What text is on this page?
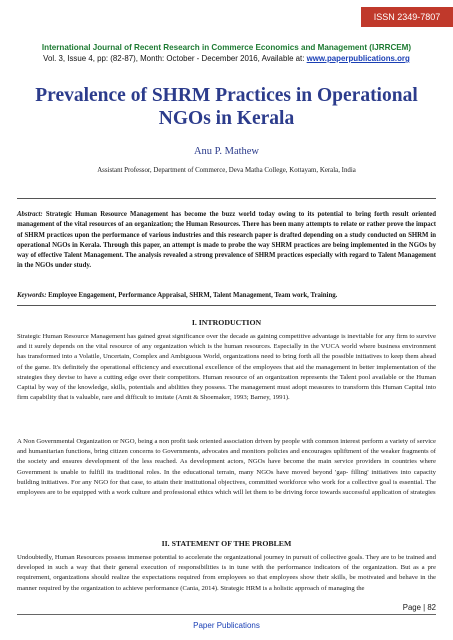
ISSN 2349-7807
International Journal of Recent Research in Commerce Economics and Management (IJRRCEM)
Vol. 3, Issue 4, pp: (82-87), Month: October - December 2016, Available at: www.paperpublications.org
Prevalence of SHRM Practices in Operational NGOs in Kerala
Anu P. Mathew
Assistant Professor, Department of Commerce, Deva Matha College, Kottayam, Kerala, India
Abstract: Strategic Human Resource Management has become the buzz world today owing to its potential to bring forth result oriented management of the vital resources of an organization; the Human Resources. There has been many attempts to relate or rather prove the impact of SHRM practices upon the performance of various industries and this research paper is drafted depending on a study conducted on SHRM in operational NGOs in Kerala. Through this paper, an attempt is made to probe the way SHRM practices are being implemented in the NGOs by way of effective Talent Management. The analysis revealed a strong prevalence of SHRM practices especially with regard to Talent Management in the NGOs under study.
Keywords: Employee Engagement, Performance Appraisal, SHRM, Talent Management, Team work, Training.
I. INTRODUCTION
Strategic Human Resource Management has gained great significance over the decade as gaining competitive advantage is inevitable for any firm to survive and it surely depends on the vital resource of any organization which is the human resources. Especially in the VUCA world where business environment has transformed into a Volatile, Uncertain, Complex and Ambiguous World, organizations need to bring forth all the possible initiatives to keep them ahead of the game. It's definitely the operational efficiency and executional excellence of the employees that aid the management in better implementation of the strategies they devise to have a cutting edge over their competitors. Human resource of an organization represents the Talent pool available or the Human Capital by way of the knowledge, skills, potentials and abilities they possess. The management must adopt measures to transform this Human Capital into firm capability that is valuable, rare and difficult to imitate (Amit & Shoemaker, 1993; Barney, 1991).
A Non Governmental Organization or NGO, being a non profit task oriented association driven by people with common interest perform a variety of service and humanitarian functions, bring citizen concerns to Governments, advocates and monitors policies and encourages upliftment of the weaker fragments of the society and ensures development of the less reached. As development actors, NGOs have become the main service providers in countries where Government is unable to fulfill its traditional roles. In the educational terrain, many NGOs have moved beyond 'gap- filling' initiatives into capacity building initiatives. For any NGO for that case, to attain their institutional objectives, committed workforce who work for a collective goal is essential. The employees are to be equipped with a work culture and professional ethics which will let them to be driving force towards successful application of strategies
II. STATEMENT OF THE PROBLEM
Undoubtedly, Human Resources possess immense potential to accelerate the organizational journey in pursuit of collective goals. They are to be trained and developed in such a way that their general execution of responsibilities is in tune with the performance indicators of the organization. But as a pre requirement, organizations should realize the expectations required from employees so that employees show their skills, be motivated and behave in the manner required by the organization to achieve performance (Cania, 2014). Strategic HRM is a holistic approach of managing the
Page | 82
Paper Publications
